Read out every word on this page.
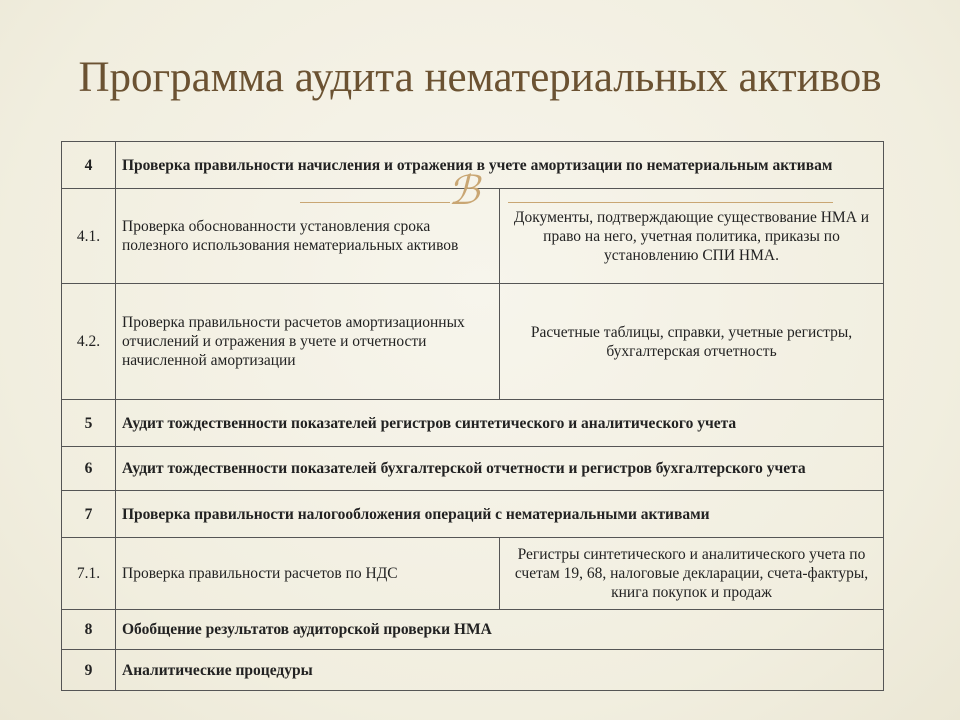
Программа аудита нематериальных активов
4	Проверка правильности начисления и отражения в учете амортизации по нематериальным активам	
4.1.	Проверка обоснованности установления срока полезного использования нематериальных активов	Документы, подтверждающие существование НМА и право на него, учетная политика, приказы по установлению СПИ НМА.
4.2.	Проверка правильности расчетов амортизационных отчислений и отражения в учете и отчетности начисленной амортизации	Расчетные таблицы, справки, учетные регистры, бухгалтерская отчетность
5	Аудит тождественности показателей регистров синтетического и аналитического учета	
6	Аудит тождественности показателей бухгалтерской отчетности и регистров бухгалтерского учета	
7	Проверка правильности налогообложения операций с нематериальными активами	
7.1.	Проверка правильности расчетов по НДС	Регистры синтетического и аналитического учета по счетам 19, 68, налоговые декларации, счета-фактуры, книга покупок и продаж
8	Обобщение результатов аудиторской проверки НМА	
9	Аналитические процедуры	
ℬ
